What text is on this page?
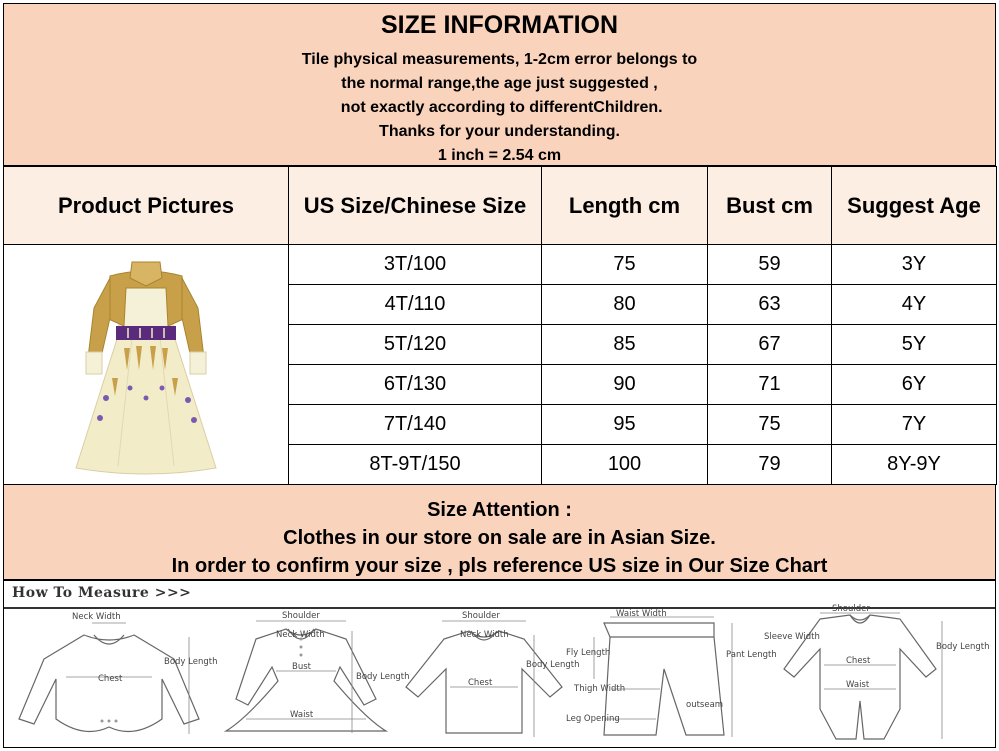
SIZE INFORMATION
Tile physical measurements, 1-2cm error belongs to
the normal range,the age just suggested ,
not exactly according to differentChildren.
Thanks for your understanding.
1 inch = 2.54 cm
Product Pictures	US Size/Chinese Size	Length cm	Bust cm	Suggest Age
	3T/100	75	59	3Y
	4T/110	80	63	4Y
	5T/120	85	67	5Y
	6T/130	90	71	6Y
	7T/140	95	75	7Y
	8T-9T/150	100	79	8Y-9Y
Size Attention :
Clothes in our store on sale are in Asian Size.
In order to confirm your size , pls reference US size in Our Size Chart
How To Measure >>>
Neck Width
Chest
Body Length
Shoulder
Neck Width
Bust
Waist
Body Length
Shoulder
Neck Width
Chest
Body Length
Waist Width
Fly Length
Thigh Width
Leg Opening
outseam
Pant Length
Shoulder
Sleeve Width
Chest
Waist
Body Length
